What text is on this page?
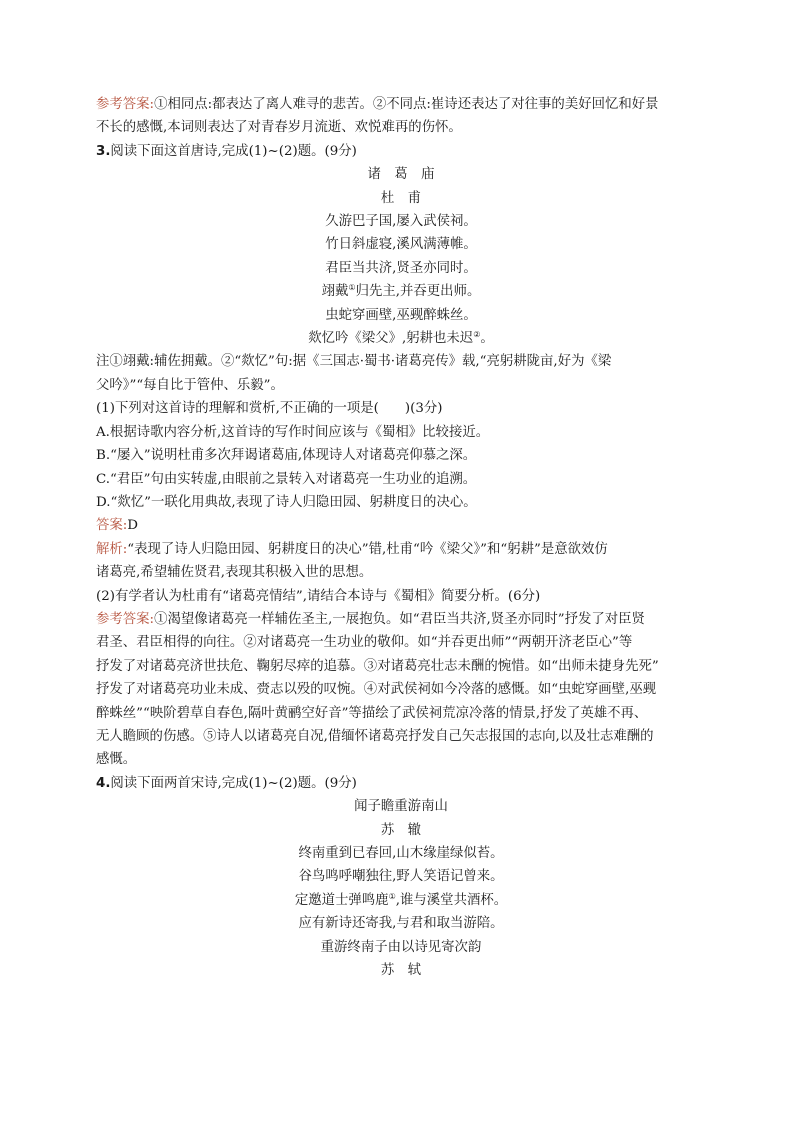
参考答案:①相同点:都表达了离人难寻的悲苦。②不同点:崔诗还表达了对往事的美好回忆和好景

不长的感慨,本词则表达了对青春岁月流逝、欢悦难再的伤怀。

3.阅读下面这首唐诗,完成(1)~(2)题。(9分)

诸　葛　庙

杜　甫

久游巴子国,屡入武侯祠。

竹日斜虚寝,溪风满薄帷。

君臣当共济,贤圣亦同时。

翊戴①归先主,并吞更出师。

虫蛇穿画壁,巫觋醉蛛丝。

欻忆吟《梁父》,躬耕也未迟②。

注①翊戴:辅佐拥戴。②“欻忆”句:据《三国志·蜀书·诸葛亮传》载,“亮躬耕陇亩,好为《梁

父吟》”“每自比于管仲、乐毅”。

(1)下列对这首诗的理解和赏析,不正确的一项是( )(3分)

A.根据诗歌内容分析,这首诗的写作时间应该与《蜀相》比较接近。

B.“屡入”说明杜甫多次拜谒诸葛庙,体现诗人对诸葛亮仰慕之深。

C.“君臣”句由实转虚,由眼前之景转入对诸葛亮一生功业的追溯。

D.“欻忆”一联化用典故,表现了诗人归隐田园、躬耕度日的决心。

答案:D

解析:“表现了诗人归隐田园、躬耕度日的决心”错,杜甫“吟《梁父》”和“躬耕”是意欲效仿

诸葛亮,希望辅佐贤君,表现其积极入世的思想。

(2)有学者认为杜甫有“诸葛亮情结”,请结合本诗与《蜀相》简要分析。(6分)

参考答案:①渴望像诸葛亮一样辅佐圣主,一展抱负。如“君臣当共济,贤圣亦同时”抒发了对臣贤

君圣、君臣相得的向往。②对诸葛亮一生功业的敬仰。如“并吞更出师”“两朝开济老臣心”等

抒发了对诸葛亮济世扶危、鞠躬尽瘁的追慕。③对诸葛亮壮志未酬的惋惜。如“出师未捷身先死”

抒发了对诸葛亮功业未成、赍志以殁的叹惋。④对武侯祠如今冷落的感慨。如“虫蛇穿画壁,巫觋

醉蛛丝”“映阶碧草自春色,隔叶黄鹂空好音”等描绘了武侯祠荒凉冷落的情景,抒发了英雄不再、

无人瞻顾的伤感。⑤诗人以诸葛亮自况,借缅怀诸葛亮抒发自己矢志报国的志向,以及壮志难酬的

感慨。

4.阅读下面两首宋诗,完成(1)~(2)题。(9分)

闻子瞻重游南山

苏　辙

终南重到已春回,山木缘崖绿似苔。

谷鸟鸣呼嘲独往,野人笑语记曾来。

定邀道士弹鸣鹿①,谁与溪堂共酒杯。

应有新诗还寄我,与君和取当游陪。

重游终南子由以诗见寄次韵

苏　轼
